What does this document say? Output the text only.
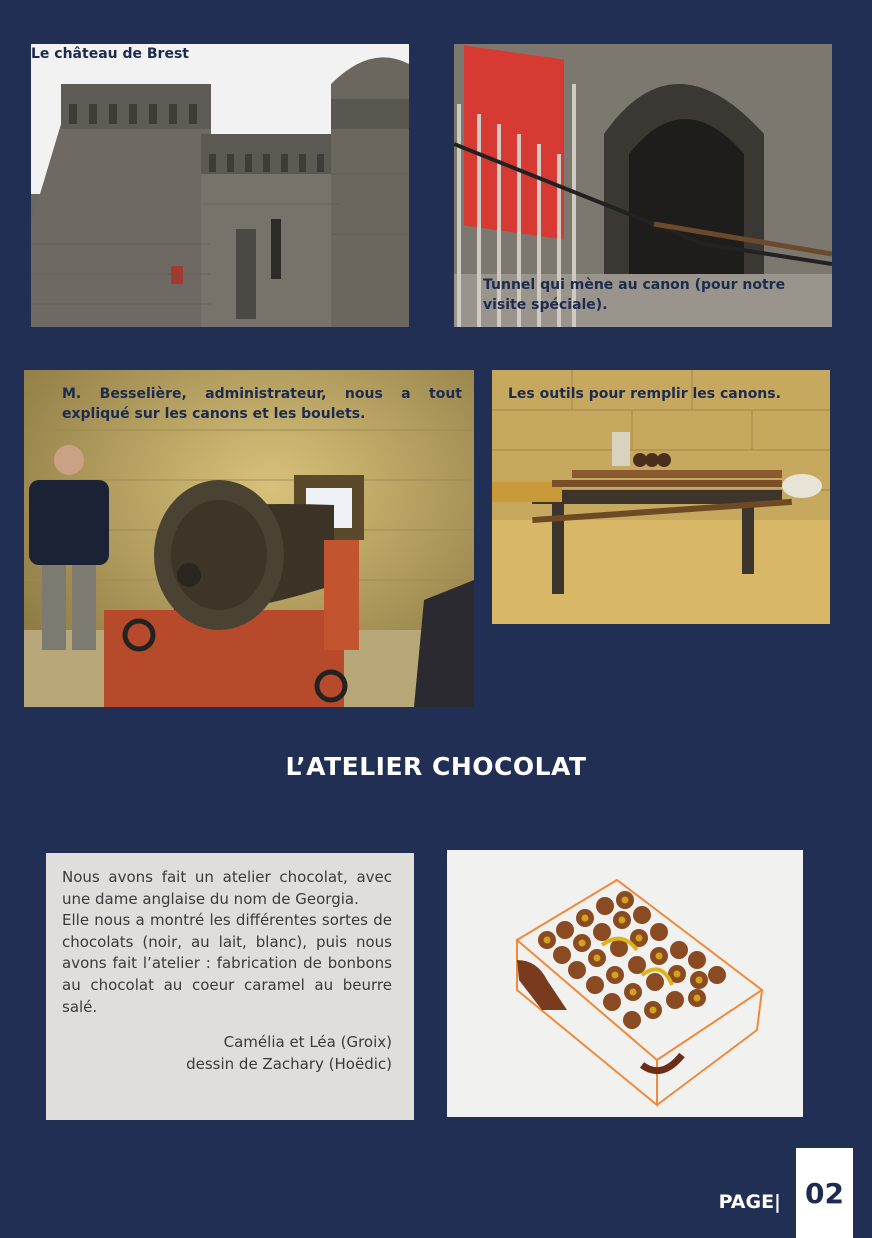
Le château de Brest

Tunnel qui mène au canon (pour notre visite spéciale).

M. Besselière, administrateur, nous a tout expliqué sur les canons et les boulets.

Les outils pour remplir les canons.

L’ATELIER CHOCOLAT

Nous avons fait un atelier chocolat, avec une dame anglaise du nom de Georgia.

Elle nous a montré les différentes sortes de chocolats (noir, au lait, blanc), puis nous avons fait l’atelier : fabrication de bonbons au chocolat au coeur caramel au beurre salé.

Camélia et Léa (Groix)

dessin de Zachary (Hoëdic)

PAGE| 02
